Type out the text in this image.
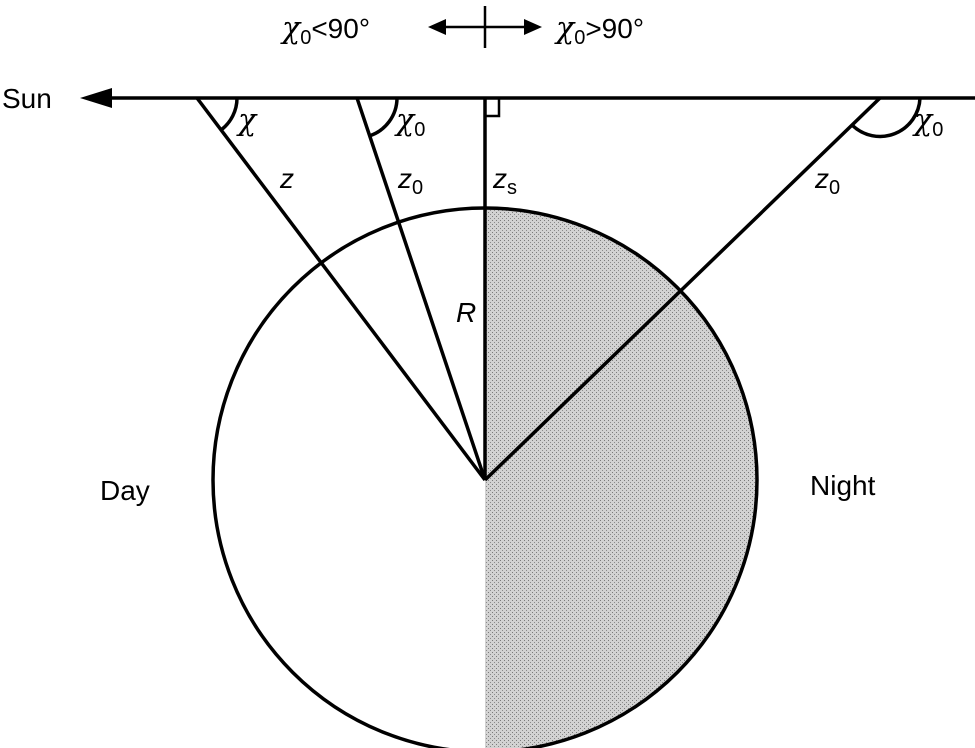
$\chi_0<90^\circ$	$\chi_0>90^\circ$
Sun
χ	χ0	χ0
z	$z_0$ $z_s$	$z_0$
R
Day	Night
